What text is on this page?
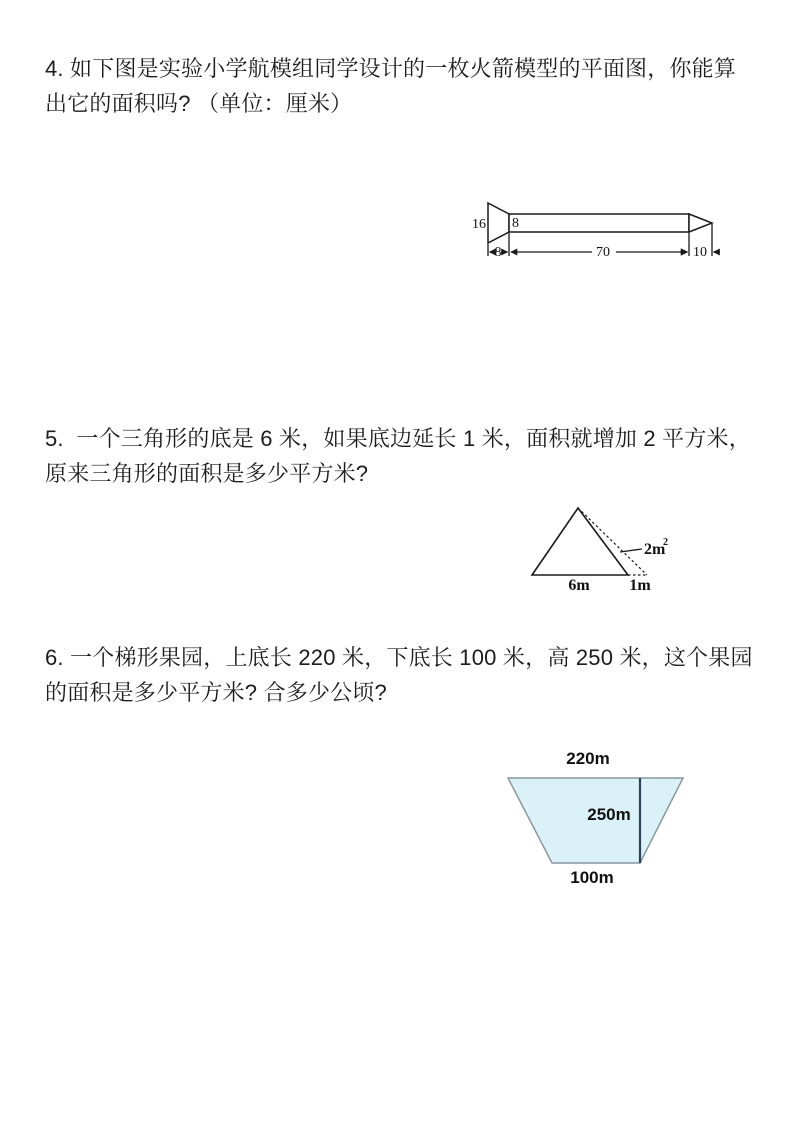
4. 如下图是实验小学航模组同学设计的一枚火箭模型的平面图，你能算
出它的面积吗? （单位：厘米）
16 8
8	70	10
5.  一个三角形的底是 6 米，如果底边延长 1 米，面积就增加 2 平方米，
原来三角形的面积是多少平方米?
2m
2
6m 1m
6. 一个梯形果园，上底长 220 米，下底长 100 米，高 250 米，这个果园
的面积是多少平方米? 合多少公顷?
220m
250m
100m
